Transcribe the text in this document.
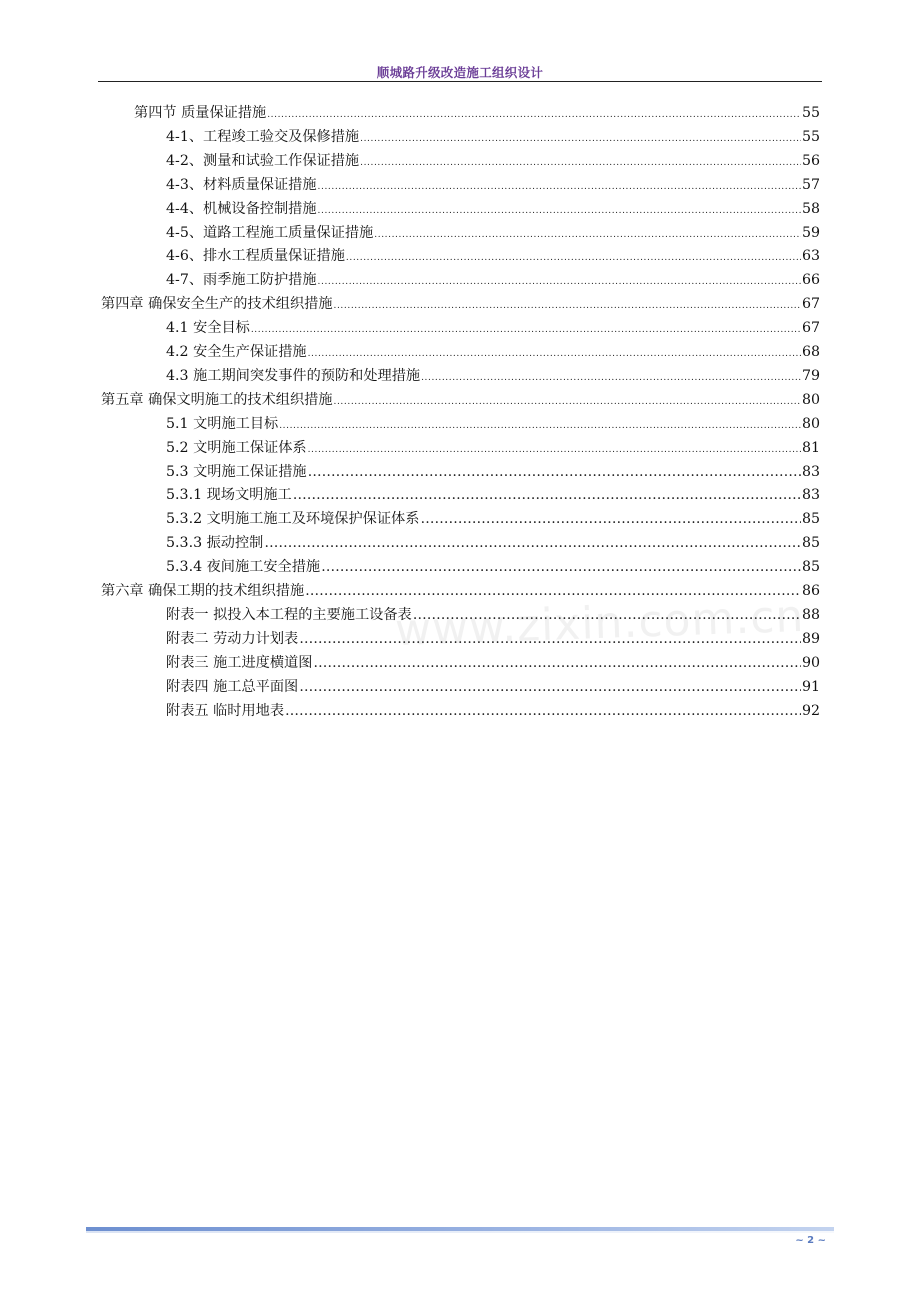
顺城路升级改造施工组织设计
第四节 质量保证措施 .....	55
4-1、工程竣工验交及保修措施 .....	55
4-2、测量和试验工作保证措施 .....	56
4-3、材料质量保证措施 .....	57
4-4、机械设备控制措施 .....	58
4-5、道路工程施工质量保证措施 .....	59
4-6、排水工程质量保证措施 .....	63
4-7、雨季施工防护措施 .....	66
第四章 确保安全生产的技术组织措施 .....	67
4.1 安全目标 .....	67
4.2 安全生产保证措施 .....	68
4.3 施工期间突发事件的预防和处理措施 .....	79
第五章 确保文明施工的技术组织措施 .....	80
5.1 文明施工目标 .....	80
5.2 文明施工保证体系 .....	81
5.3 文明施工保证措施 …………………………………………………………………………………………………………………………………………………………………………	83
5.3.1 现场文明施工 …………………………………………………………………………………………………………………………………………………………………………	83
5.3.2 文明施工施工及环境保护保证体系 …………………………………………………………………………………………………………………………………………………………………………	85
5.3.3 振动控制 …………………………………………………………………………………………………………………………………………………………………………	85
5.3.4 夜间施工安全措施 …………………………………………………………………………………………………………………………………………………………………………	85
第六章 确保工期的技术组织措施 …………………………………………………………………………………………………………………………………………………………………………	86
附表一 拟投入本工程的主要施工设备表 …………………………………………………………………………………………………………………………………………………………………………	88
附表二 劳动力计划表 …………………………………………………………………………………………………………………………………………………………………………	89
附表三 施工进度横道图 …………………………………………………………………………………………………………………………………………………………………………	90
附表四 施工总平面图 …………………………………………………………………………………………………………………………………………………………………………	91
附表五 临时用地表 …………………………………………………………………………………………………………………………………………………………………………	92
www.zixin.com.cn
~ 2 ~
